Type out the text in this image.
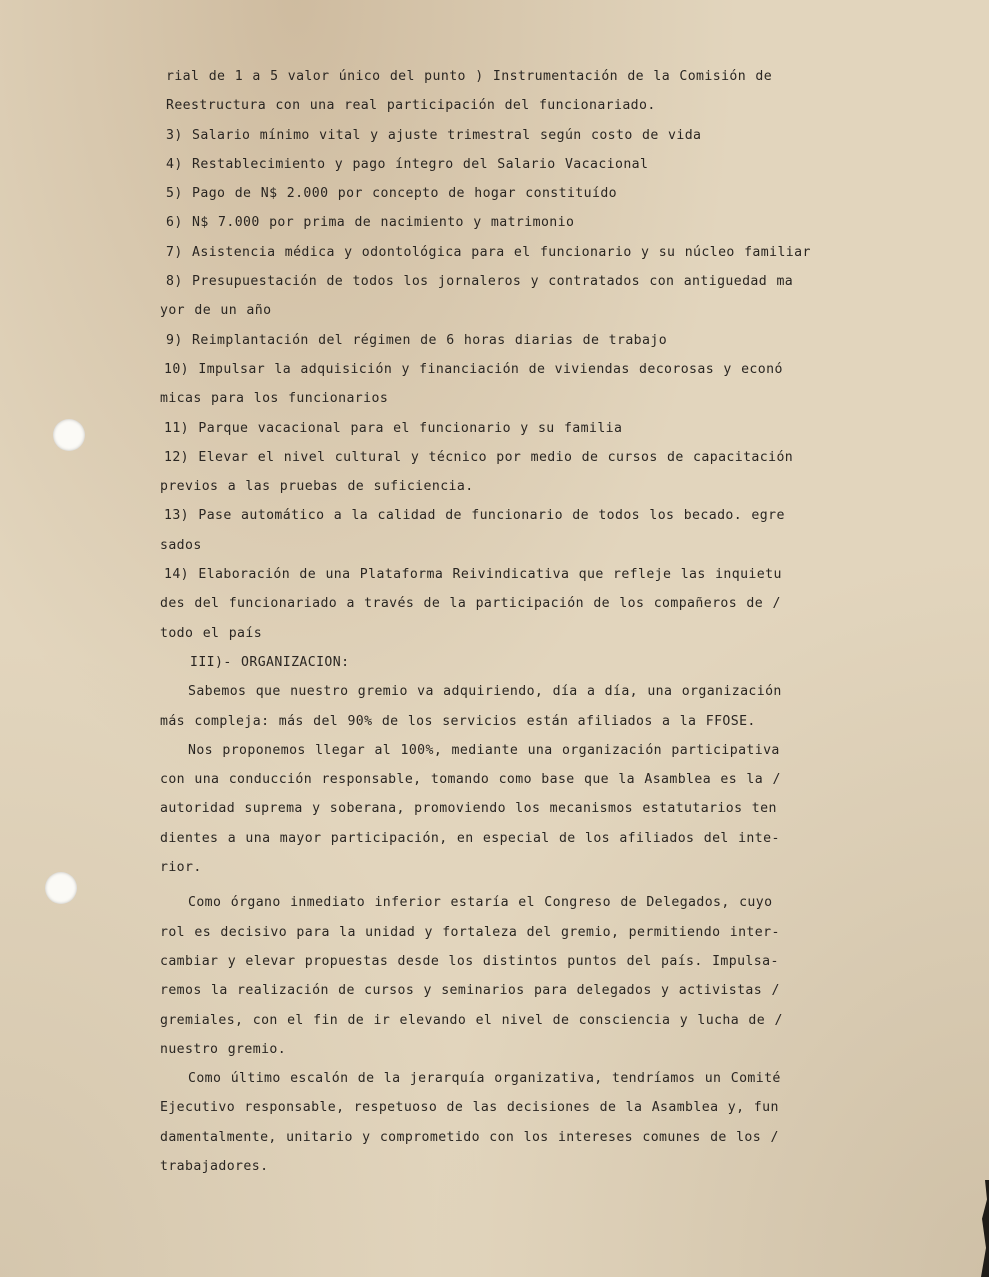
rial de 1 a 5 valor único del punto ) Instrumentación de la Comisión de
Reestructura con una real participación del funcionariado.
3) Salario mínimo vital y ajuste trimestral según costo de vida
4) Restablecimiento y pago íntegro del Salario Vacacional
5) Pago de N$ 2.000 por concepto de hogar constituído
6) N$ 7.000 por prima de nacimiento y matrimonio
7) Asistencia médica y odontológica para el funcionario y su núcleo familiar
8) Presupuestación de todos los jornaleros y contratados con antiguedad ma
yor de un año
9) Reimplantación del régimen de 6 horas diarias de trabajo
10) Impulsar la adquisición y financiación de viviendas decorosas y econó
micas para los funcionarios
11) Parque vacacional para el funcionario y su familia
12) Elevar el nivel cultural y técnico por medio de cursos de capacitación
previos a las pruebas de suficiencia.
13) Pase automático a la calidad de funcionario de todos los becado. egre
sados
14) Elaboración de una Plataforma Reivindicativa que refleje las inquietu
des del funcionariado a través de la participación de los compañeros de /
todo el país
III)- ORGANIZACION:
Sabemos que nuestro gremio va adquiriendo, día a día, una organización
más compleja: más del 90% de los servicios están afiliados a la FFOSE.
Nos proponemos llegar al 100%, mediante una organización participativa
con una conducción responsable, tomando como base que la Asamblea es la /
autoridad suprema y soberana, promoviendo los mecanismos estatutarios ten
dientes a una mayor participación, en especial de los afiliados del inte-
rior.
Como órgano inmediato inferior estaría el Congreso de Delegados, cuyo
rol es decisivo para la unidad y fortaleza del gremio, permitiendo inter-
cambiar y elevar propuestas desde los distintos puntos del país. Impulsa-
remos la realización de cursos y seminarios para delegados y activistas /
gremiales, con el fin de ir elevando el nivel de consciencia y lucha de /
nuestro gremio.
Como último escalón de la jerarquía organizativa, tendríamos un Comité
Ejecutivo responsable, respetuoso de las decisiones de la Asamblea y, fun
damentalmente, unitario y comprometido con los intereses comunes de los /
trabajadores.
